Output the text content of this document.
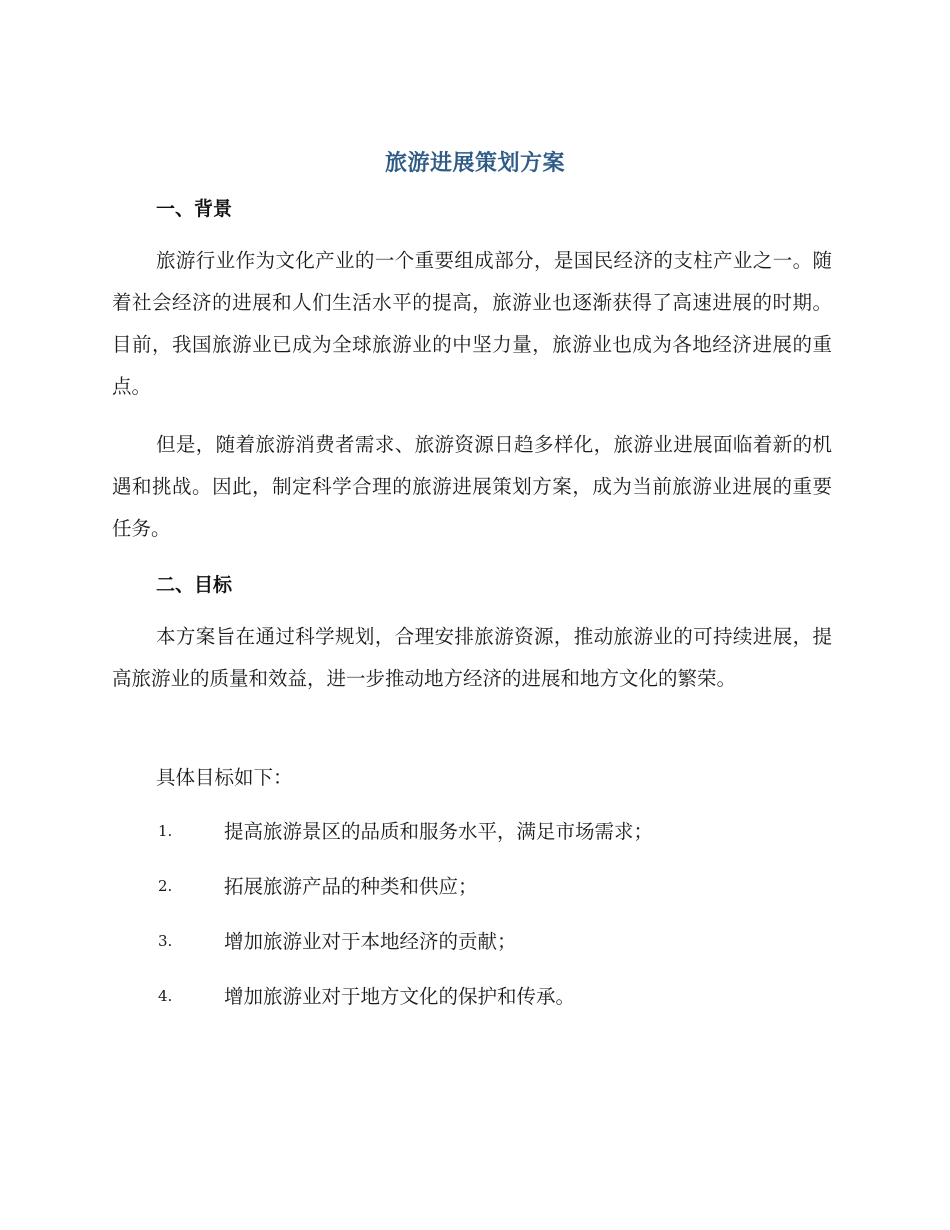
旅游进展策划方案
一、背景
旅游行业作为文化产业的一个重要组成部分，是国民经济的支柱产业之一。随着社会经济的进展和人们生活水平的提高，旅游业也逐渐获得了高速进展的时期。目前，我国旅游业已成为全球旅游业的中坚力量，旅游业也成为各地经济进展的重点。
但是，随着旅游消费者需求、旅游资源日趋多样化，旅游业进展面临着新的机遇和挑战。因此，制定科学合理的旅游进展策划方案，成为当前旅游业进展的重要任务。
二、目标
本方案旨在通过科学规划，合理安排旅游资源，推动旅游业的可持续进展，提高旅游业的质量和效益，进一步推动地方经济的进展和地方文化的繁荣。
具体目标如下：
1.	提高旅游景区的品质和服务水平，满足市场需求；
2.	拓展旅游产品的种类和供应；
3.	增加旅游业对于本地经济的贡献；
4.	增加旅游业对于地方文化的保护和传承。
